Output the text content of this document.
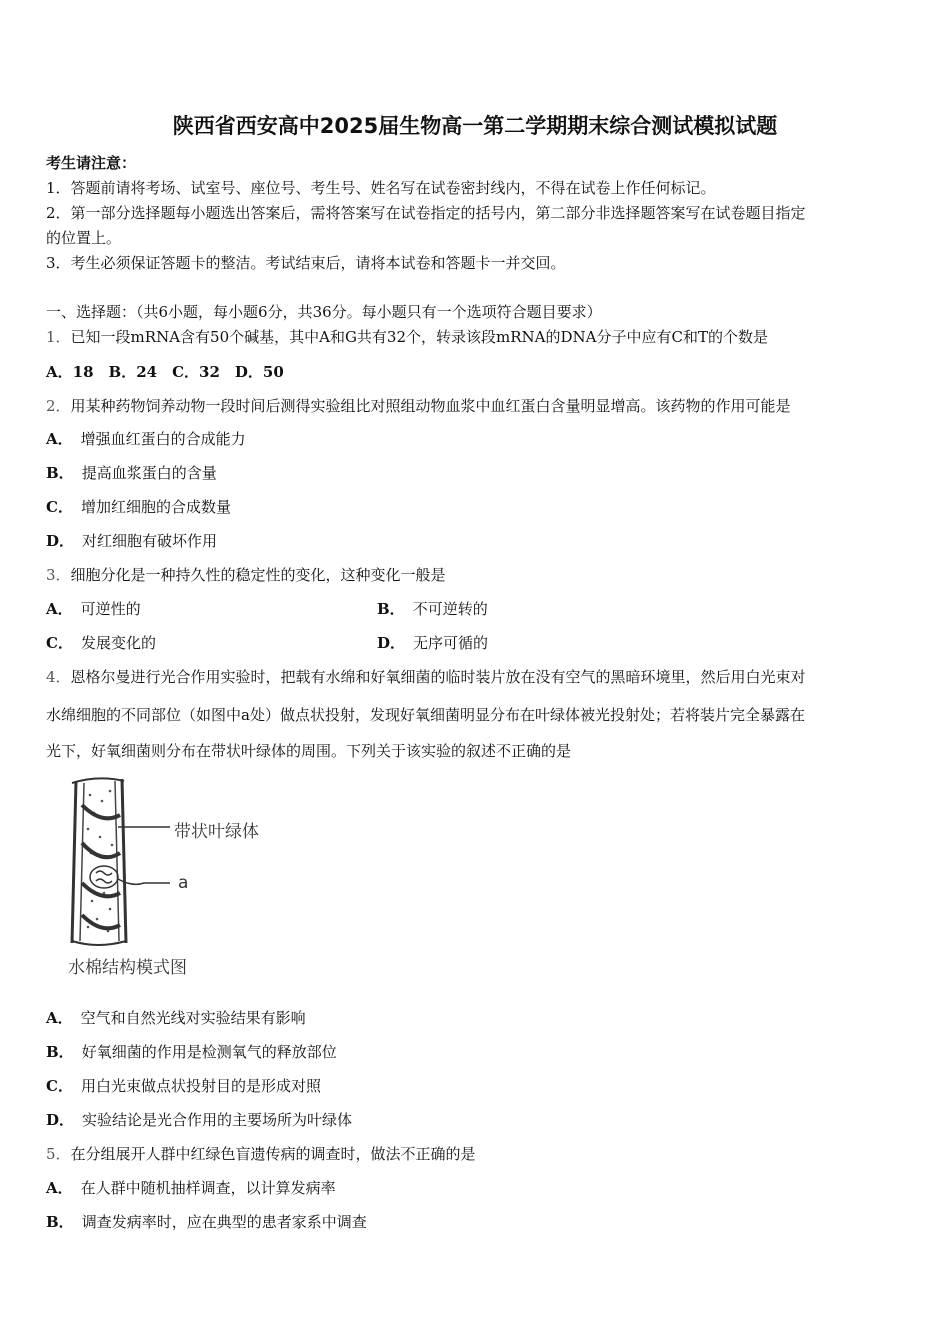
陕西省西安高中2025届生物高一第二学期期末综合测试模拟试题
考生请注意：
1．答题前请将考场、试室号、座位号、考生号、姓名写在试卷密封线内，不得在试卷上作任何标记。
2．第一部分选择题每小题选出答案后，需将答案写在试卷指定的括号内，第二部分非选择题答案写在试卷题目指定
的位置上。
3．考生必须保证答题卡的整洁。考试结束后，请将本试卷和答题卡一并交回。
一、选择题：（共6小题，每小题6分，共36分。每小题只有一个选项符合题目要求）
1．已知一段mRNA含有50个碱基，其中A和G共有32个，转录该段mRNA的DNA分子中应有C和T的个数是
A．18　B．24　C．32　D．50
2．用某种药物饲养动物一段时间后测得实验组比对照组动物血浆中血红蛋白含量明显增高。该药物的作用可能是
A． 增强血红蛋白的合成能力
B． 提高血浆蛋白的含量
C． 增加红细胞的合成数量
D． 对红细胞有破坏作用
3．细胞分化是一种持久性的稳定性的变化，这种变化一般是
A． 可逆性的	B． 不可逆转的
C． 发展变化的	D． 无序可循的
4．恩格尔曼进行光合作用实验时，把载有水绵和好氧细菌的临时装片放在没有空气的黑暗环境里，然后用白光束对
水绵细胞的不同部位（如图中a处）做点状投射，发现好氧细菌明显分布在叶绿体被光投射处；若将装片完全暴露在
光下，好氧细菌则分布在带状叶绿体的周围。下列关于该实验的叙述不正确的是
带状叶绿体
a
水棉结构模式图
A． 空气和自然光线对实验结果有影响
B． 好氧细菌的作用是检测氧气的释放部位
C． 用白光束做点状投射目的是形成对照
D． 实验结论是光合作用的主要场所为叶绿体
5．在分组展开人群中红绿色盲遗传病的调查时，做法不正确的是
A． 在人群中随机抽样调查，以计算发病率
B． 调查发病率时，应在典型的患者家系中调查
